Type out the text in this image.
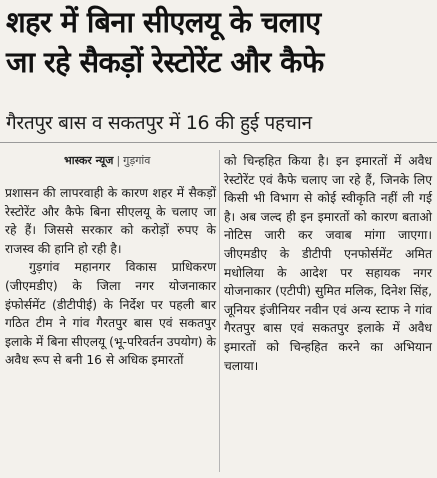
शहर में बिना सीएलयू के चलाए
जा रहे सैकड़ों रेस्टोरेंट और कैफे
गैरतपुर बास व सकतपुर में 16 की हुई पहचान
भास्कर न्यूज | गुड़गांव

प्रशासन की लापरवाही के कारण शहर में सैकड़ों रेस्टोरेंट और कैफे बिना सीएलयू के चलाए जा रहे हैं। जिससे सरकार को करोड़ों रुपए के राजस्व की हानि हो रही है।

गुड़गांव महानगर विकास प्राधिकरण (जीएमडीए) के जिला नगर योजनाकार इंफोर्समेंट (डीटीपीई) के निर्देश पर पहली बार गठित टीम ने गांव गैरतपुर बास एवं सकतपुर इलाके में बिना सीएलयू (भू-परिवर्तन उपयोग) के अवैध रूप से बनी 16 से अधिक इमारतों

को चिन्हहित किया है। इन इमारतों में अवैध रेस्टोरेंट एवं कैफे चलाए जा रहे हैं, जिनके लिए किसी भी विभाग से कोई स्वीकृति नहीं ली गई है। अब जल्द ही इन इमारतों को कारण बताओ नोटिस जारी कर जवाब मांगा जाएगा। जीएमडीए के डीटीपी एनफोर्समेंट अमित मधोलिया के आदेश पर सहायक नगर योजनाकार (एटीपी) सुमित मलिक, दिनेश सिंह, जूनियर इंजीनियर नवीन एवं अन्य स्टाफ ने गांव गैरतपुर बास एवं सकतपुर इलाके में अवैध इमारतों को चिन्हहित करने का अभियान चलाया।
